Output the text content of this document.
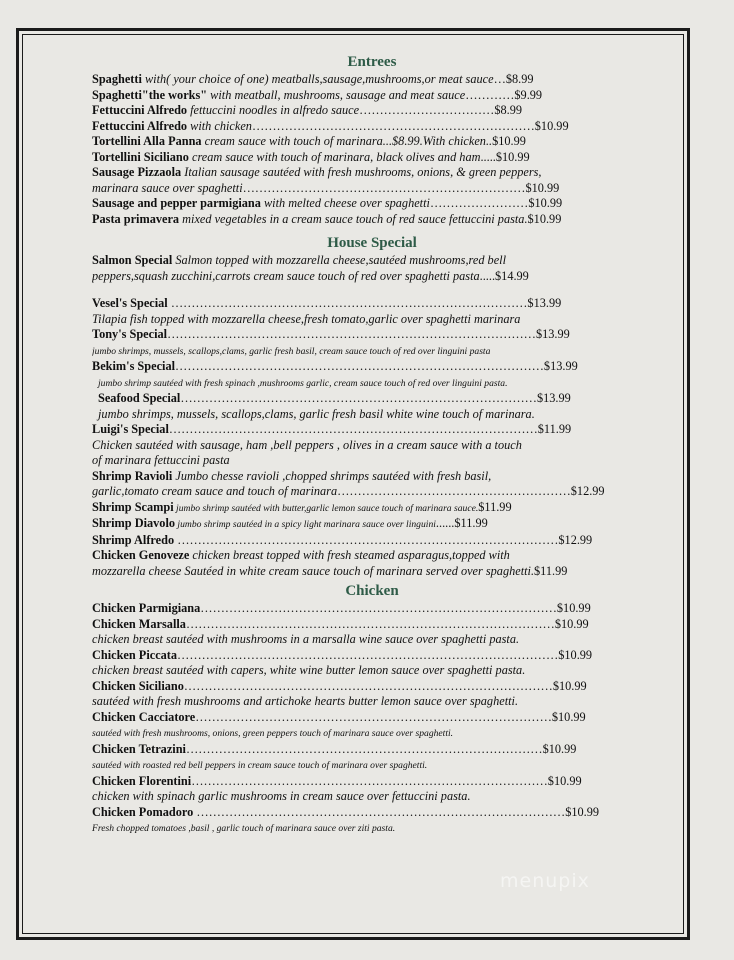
Entrees
Spaghetti with( your choice of one) meatballs,sausage,mushrooms,or meat sauce…$8.99
Spaghetti"the works" with meatball, mushrooms, sausage and meat sauce…………$9.99
Fettuccini Alfredo fettuccini noodles in alfredo sauce……………………………$8.99
Fettuccini Alfredo with chicken……………………………………………………………$10.99
Tortellini Alla Panna cream sauce with touch of marinara...$8.99.With chicken..$10.99
Tortellini Siciliano cream sauce with touch of marinara, black olives and ham.....$10.99
Sausage Pizzaola Italian sausage sautéed with fresh mushrooms, onions, & green peppers,
marinara sauce over spaghetti……………………………………………………………$10.99
Sausage and pepper parmigiana with melted cheese over spaghetti……………………$10.99
Pasta primavera mixed vegetables in a cream sauce touch of red sauce fettuccini pasta.$10.99
House Special
Salmon Special Salmon topped with mozzarella cheese,sautéed mushrooms,red bell
peppers,squash zucchini,carrots cream sauce touch of red over spaghetti pasta.....$14.99
Vesel's Special ……………………………………………………………………………$13.99
Tilapia fish topped with mozzarella cheese,fresh tomato,garlic over spaghetti marinara
Tony's Special………………………………………………………………………………$13.99
jumbo shrimps, mussels, scallops,clams, garlic fresh basil, cream sauce touch of red over linguini pasta
Bekim's Special………………………………………………………………………………$13.99
jumbo shrimp sautéed with fresh spinach ,mushrooms garlic, cream sauce touch of red over linguini pasta.
Seafood Special……………………………………………………………………………$13.99
jumbo shrimps, mussels, scallops,clams, garlic fresh basil white wine touch of marinara.
Luigi's Special………………………………………………………………………………$11.99
Chicken sautéed with sausage, ham ,bell peppers , olives in a cream sauce with a touch
of marinara fettuccini pasta
Shrimp Ravioli Jumbo chesse ravioli ,chopped shrimps sautéed with fresh basil,
garlic,tomato cream sauce and touch of marinara…………………………………………………$12.99
Shrimp Scampi jumbo shrimp sautéed with butter,garlic lemon sauce touch of marinara sauce.$11.99
Shrimp Diavolo jumbo shrimp sautéed in a spicy light marinara sauce over linguini......$11.99
Shrimp Alfredo …………………………………………………………………………………$12.99
Chicken Genoveze chicken breast topped with fresh steamed asparagus,topped with
mozzarella cheese Sautéed in white cream sauce touch of marinara served over spaghetti.$11.99
Chicken
Chicken Parmigiana……………………………………………………………………………$10.99
Chicken Marsalla………………………………………………………………………………$10.99
chicken breast sautéed with mushrooms in a marsalla wine sauce over spaghetti pasta.
Chicken Piccata…………………………………………………………………………………$10.99
chicken breast sautéed with capers, white wine butter lemon sauce over spaghetti pasta.
Chicken Siciliano………………………………………………………………………………$10.99
sautéed with fresh mushrooms and artichoke hearts butter lemon sauce over spaghetti.
Chicken Cacciatore……………………………………………………………………………$10.99
sautéed with fresh mushrooms, onions, green peppers touch of marinara sauce over spaghetti.
Chicken Tetrazini……………………………………………………………………………$10.99
sautéed with roasted red bell peppers in cream sauce touch of marinara over spaghetti.
Chicken Florentini……………………………………………………………………………$10.99
chicken with spinach garlic mushrooms in cream sauce over fettuccini pasta.
Chicken Pomadoro ………………………………………………………………………………$10.99
Fresh chopped tomatoes ,basil , garlic touch of marinara sauce over ziti pasta.
menupix
